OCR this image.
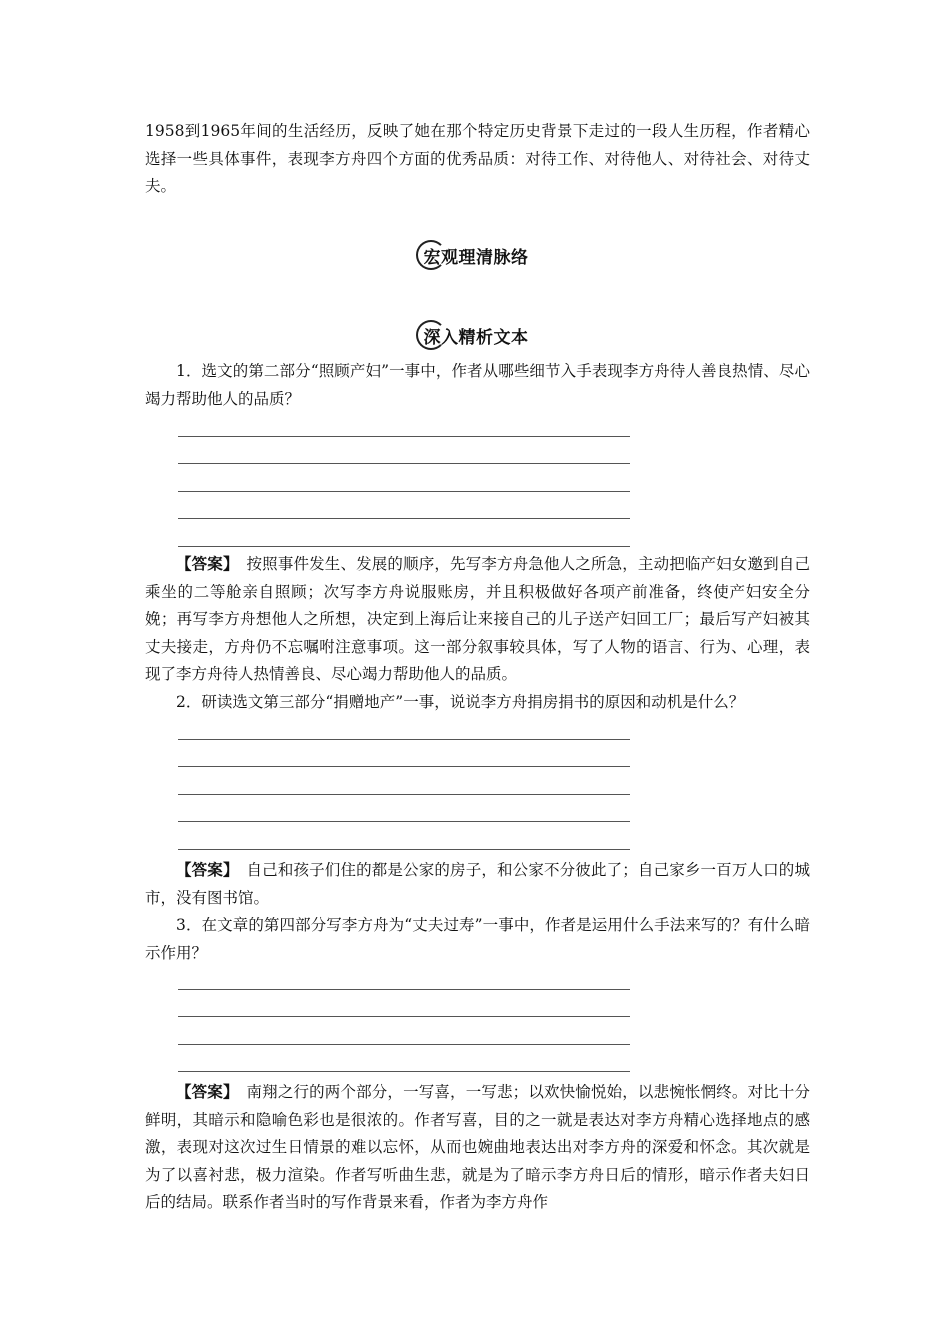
1958到1965年间的生活经历，反映了她在那个特定历史背景下走过的一段人生历程，作者精心选择一些具体事件，表现李方舟四个方面的优秀品质：对待工作、对待他人、对待社会、对待丈夫。

宏观理清脉络
深入精析文本

1．选文的第二部分“照顾产妇”一事中，作者从哪些细节入手表现李方舟待人善良热情、尽心竭力帮助他人的品质？

【答案】　 按照事件发生、发展的顺序，先写李方舟急他人之所急，主动把临产妇女邀到自己乘坐的二等舱亲自照顾；次写李方舟说服账房，并且积极做好各项产前准备，终使产妇安全分娩；再写李方舟想他人之所想，决定到上海后让来接自己的儿子送产妇回工厂；最后写产妇被其丈夫接走，方舟仍不忘嘱咐注意事项。这一部分叙事较具体，写了人物的语言、行为、心理，表现了李方舟待人热情善良、尽心竭力帮助他人的品质。

2．研读选文第三部分“捐赠地产”一事，说说李方舟捐房捐书的原因和动机是什么？

【答案】　 自己和孩子们住的都是公家的房子，和公家不分彼此了；自己家乡一百万人口的城市，没有图书馆。

3．在文章的第四部分写李方舟为“丈夫过寿”一事中，作者是运用什么手法来写的？有什么暗示作用？

【答案】　 南翔之行的两个部分，一写喜，一写悲；以欢快愉悦始，以悲惋怅惘终。对比十分鲜明，其暗示和隐喻色彩也是很浓的。作者写喜，目的之一就是表达对李方舟精心选择地点的感激，表现对这次过生日情景的难以忘怀，从而也婉曲地表达出对李方舟的深爱和怀念。其次就是为了以喜衬悲，极力渲染。作者写听曲生悲，就是为了暗示李方舟日后的情形，暗示作者夫妇日后的结局。联系作者当时的写作背景来看，作者为李方舟作
